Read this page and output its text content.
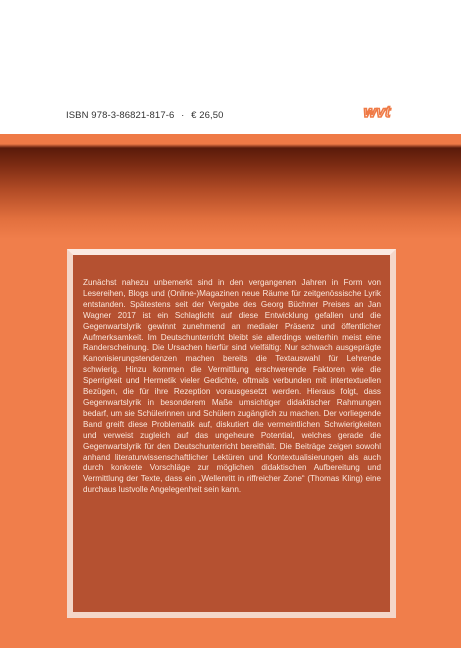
ISBN 978-3-86821-817-6 · € 26,50	wvt
Zunächst nahezu unbemerkt sind in den vergangenen Jahren in Form von Lesereihen, Blogs und (Online-)Magazinen neue Räume für zeitgenössische Lyrik entstanden. Spätestens seit der Vergabe des Georg Büchner Preises an Jan Wagner 2017 ist ein Schlaglicht auf diese Entwicklung gefallen und die Gegenwartslyrik gewinnt zunehmend an medialer Präsenz und öffentlicher Aufmerksamkeit. Im Deutschunterricht bleibt sie allerdings weiterhin meist eine Randerscheinung. Die Ursachen hierfür sind vielfältig: Nur schwach ausgeprägte Kanonisierungstendenzen machen bereits die Textauswahl für Lehrende schwierig. Hinzu kommen die Vermittlung erschwerende Faktoren wie die Sperrigkeit und Hermetik vieler Gedichte, oftmals verbunden mit intertextuellen Bezügen, die für ihre Rezeption vorausgesetzt werden. Hieraus folgt, dass Gegenwartslyrik in besonderem Maße umsichtiger didaktischer Rahmungen bedarf, um sie Schülerinnen und Schülern zugänglich zu machen. Der vorliegende Band greift diese Problematik auf, diskutiert die vermeintlichen Schwierigkeiten und verweist zugleich auf das ungeheure Potential, welches gerade die Gegenwartslyrik für den Deutschunterricht bereithält. Die Beiträge zeigen sowohl anhand literaturwissenschaftlicher Lektüren und Kontextualisierungen als auch durch konkrete Vorschläge zur möglichen didaktischen Aufbereitung und Vermittlung der Texte, dass ein „Wellenritt in riffreicher Zone“ (Thomas Kling) eine durchaus lustvolle Angelegenheit sein kann.
